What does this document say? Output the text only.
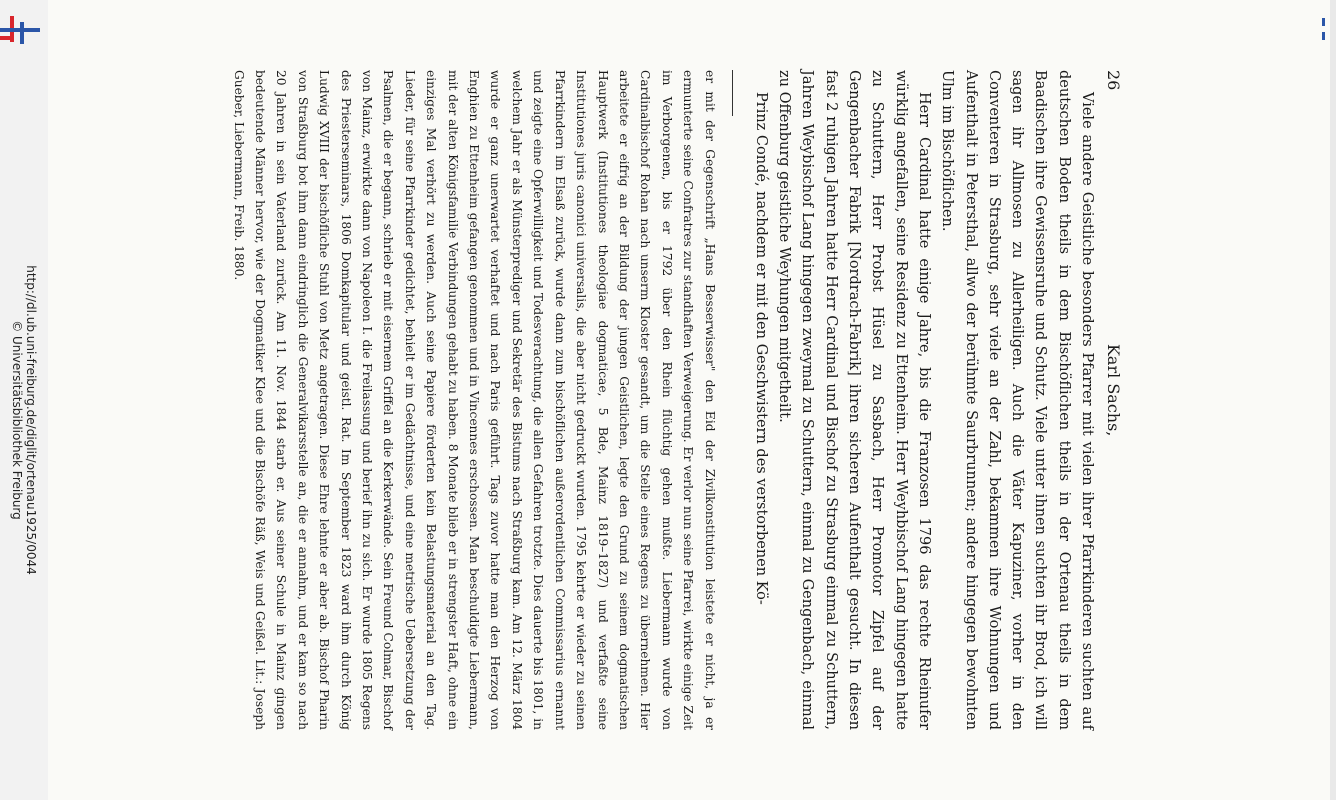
http://dl.ub.uni-freiburg.de/diglit/ortenau1925/0044
© Universitätsbibliothek Freiburg
26
Karl Sachs,

Viele andere Geistliche besonders Pfarrer mit vielen ihrer Pfarrkinderen suchten auf deutschen Boden theils in dem Bischöflichen theils in der Ortenau theils in dem Baadischen ihre Gewissensruhe und Schutz. Viele unter ihnen suchten ihr Brod, ich will sagen ihr Allmosen zu Allerheiligen. Auch die Väter Kapuziner, vorher in den Conventeren in Strasburg, sehr viele an der Zahl, bekammen ihre Wohnungen und Aufenthalt in Petersthal, allwo der berühmte Saurbrunnen; andere hingegen bewohnten Ulm im Bischöflichen.

Herr Cardinal hatte einige Jahre, bis die Franzosen 1796 das rechte Rheinufer würklig angefallen, seine Residenz zu Ettenheim. Herr Weyhbischof Lang hingegen hatte zu Schuttern, Herr Probst Hüsel zu Sasbach, Herr Promotor Zipfel auf der Gengenbacher Fabrik [Nordrach-Fabrik] ihren sicheren Aufenthalt gesucht. In diesen fast 2 ruhigen Jahren hatte Herr Cardinal und Bischof zu Strasburg einmal zu Schuttern, Jahren Weybischof Lang hingegen zweymal zu Schuttern, einmal zu Gengenbach, einmal zu Offenburg geistliche Weyhungen mitgetheilt.

Prinz Condé, nachdem er mit den Geschwistern des verstorbenen Kö-

er mit der Gegenschrift „Hans Besserwisser" den Eid der Zivilkonstitution leistete er nicht, ja er ermunterte seine Confratres zur standhaften Verweigerung. Er verlor nun seine Pfarrei, wirkte einige Zeit im Verborgenen, bis er 1792 über den Rhein flüchtig gehen mußte. Liebermann wurde von Cardinalbischof Rohan nach unserm Kloster gesandt, um die Stelle eines Regens zu übernehmen. Hier arbeitete er eifrig an der Bildung der jungen Geistlichen, legte den Grund zu seinem dogmatischen Hauptwerk (Institutiones theologiae dogmaticae, 5 Bde, Mainz 1819–1827) und verfaßte seine Institutiones juris canonici universalis, die aber nicht gedruckt wurden. 1795 kehrte er wieder zu seinen Pfarrkindern im Elsaß zurück, wurde dann zum bischöflichen außerordentlichen Commissarius ernannt und zeigte eine Opferwilligkeit und Todesverachtung, die allen Gefahren trotzte. Dies dauerte bis 1801, in welchem Jahr er als Münsterprediger und Sekretär des Bistums nach Straßburg kam. Am 12. März 1804 wurde er ganz unerwartet verhaftet und nach Paris geführt. Tags zuvor hatte man den Herzog von Enghien zu Ettenheim gefangen genommen und in Vincennes erschossen. Man beschuldigte Liebermann, mit der alten Königsfamilie Verbindungen gehabt zu haben. 8 Monate blieb er in strengster Haft, ohne ein einziges Mal verhört zu werden. Auch seine Papiere förderten kein Belastungsmaterial an den Tag. Lieder, für seine Pfarrkinder gedichtet, behielt er im Gedächtnisse, und eine metrische Uebersetzung der Psalmen, die er begann, schrieb er mit eisernem Griffel an die Kerkerwände. Sein Freund Colmar, Bischof von Mainz, erwirkte dann von Napoleon I. die Freilassung und berief ihn zu sich. Er wurde 1805 Regens des Priesterseminars, 1806 Domkapitular und geistl. Rat. Im September 1823 ward ihm durch König Ludwig XVIII der bischöfliche Stuhl von Metz angetragen. Diese Ehre lehnte er aber ab. Bischof Pharin von Straßburg bot ihm dann eindringlich die Generalvikarsstelle an, die er annahm, und er kam so nach 20 Jahren in sein Vaterland zurück. Am 11. Nov. 1844 starb er. Aus seiner Schule in Mainz gingen bedeutende Männer hervor, wie der Dogmatiker Klee und die Bischöfe Räß, Weis und Geißel. Lit.: Joseph Gueber, Liebermann, Freib. 1880.
